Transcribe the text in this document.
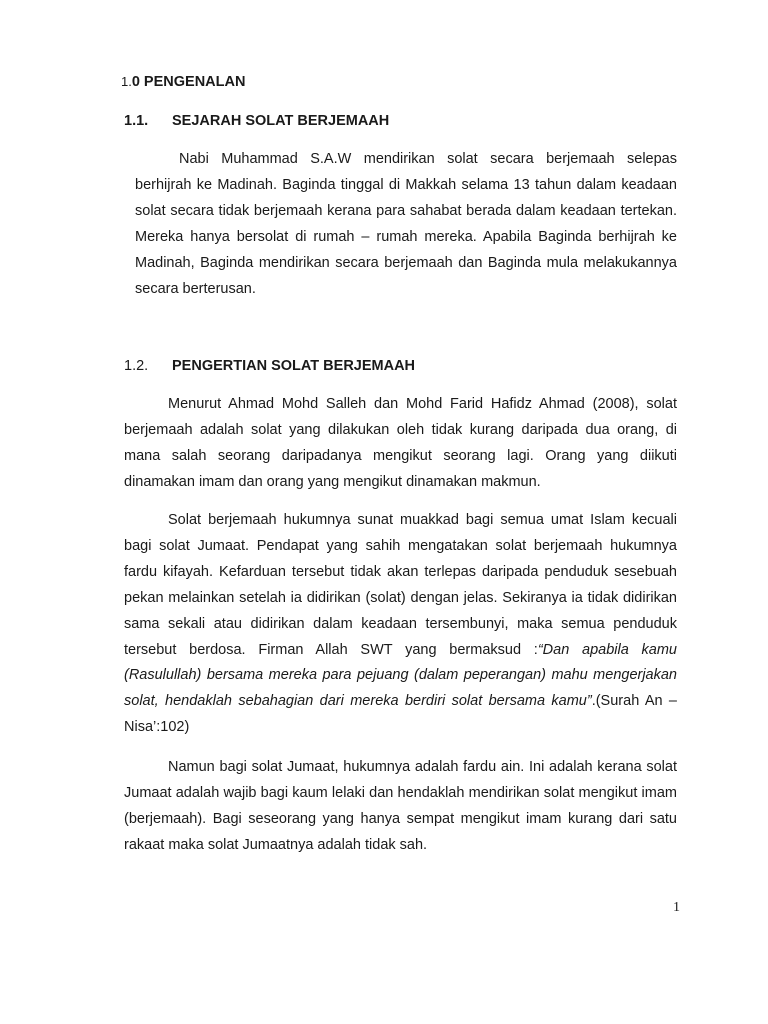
1.0 PENGENALAN
1.1. SEJARAH SOLAT BERJEMAAH

Nabi Muhammad S.A.W mendirikan solat secara berjemaah selepas berhijrah ke Madinah. Baginda tinggal di Makkah selama 13 tahun dalam keadaan solat secara tidak berjemaah kerana para sahabat berada dalam keadaan tertekan. Mereka hanya bersolat di rumah – rumah mereka. Apabila Baginda berhijrah ke Madinah, Baginda mendirikan secara berjemaah dan Baginda mula melakukannya secara berterusan.

1.2. PENGERTIAN SOLAT BERJEMAAH

Menurut Ahmad Mohd Salleh dan Mohd Farid Hafidz Ahmad (2008), solat berjemaah adalah solat yang dilakukan oleh tidak kurang daripada dua orang, di mana salah seorang daripadanya mengikut seorang lagi. Orang yang diikuti dinamakan imam dan orang yang mengikut dinamakan makmun.

Solat berjemaah hukumnya sunat muakkad bagi semua umat Islam kecuali bagi solat Jumaat. Pendapat yang sahih mengatakan solat berjemaah hukumnya fardu kifayah. Kefarduan tersebut tidak akan terlepas daripada penduduk sesebuah pekan melainkan setelah ia didirikan (solat) dengan jelas. Sekiranya ia tidak didirikan sama sekali atau didirikan dalam keadaan tersembunyi, maka semua penduduk tersebut berdosa. Firman Allah SWT yang bermaksud :“Dan apabila kamu (Rasulullah) bersama mereka para pejuang (dalam peperangan) mahu mengerjakan solat, hendaklah sebahagian dari mereka berdiri solat bersama kamu”.(Surah An – Nisa’:102)

Namun bagi solat Jumaat, hukumnya adalah fardu ain. Ini adalah kerana solat Jumaat adalah wajib bagi kaum lelaki dan hendaklah mendirikan solat mengikut imam (berjemaah). Bagi seseorang yang hanya sempat mengikut imam kurang dari satu rakaat maka solat Jumaatnya adalah tidak sah.

1
